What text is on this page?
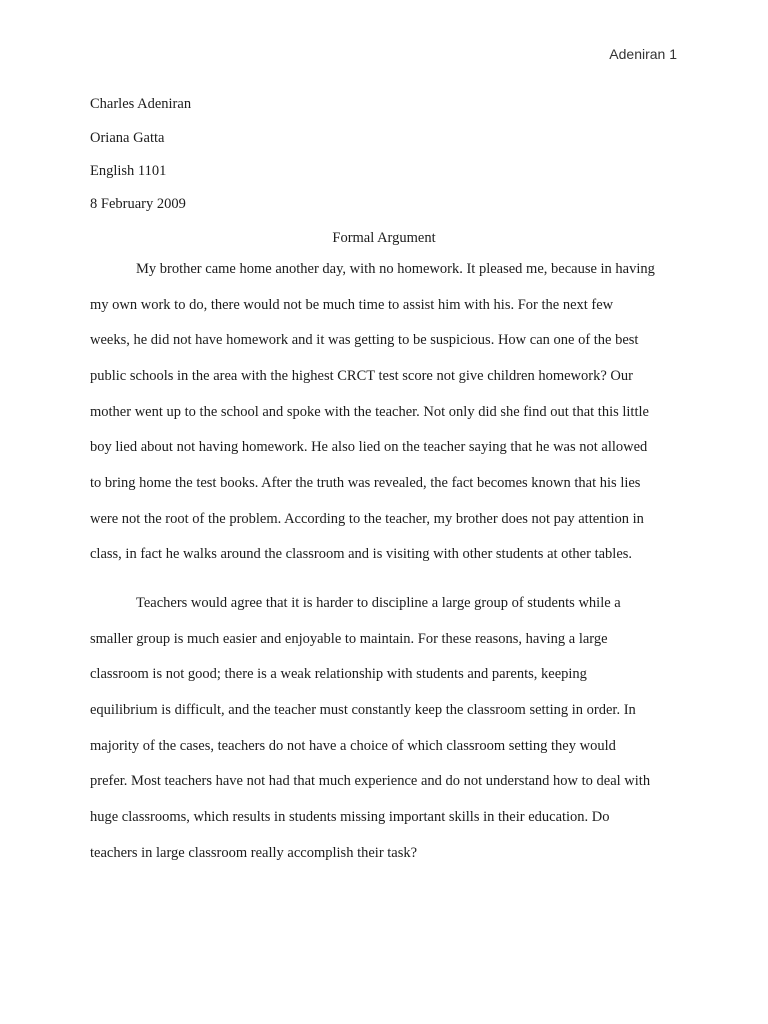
Adeniran 1
Charles Adeniran
Oriana Gatta
English 1101
8 February 2009
Formal Argument
My brother came home another day, with no homework. It pleased me, because in having
my own work to do, there would not be much time to assist him with his. For the next few
weeks, he did not have homework and it was getting to be suspicious. How can one of the best
public schools in the area with the highest CRCT test score not give children homework? Our
mother went up to the school and spoke with the teacher. Not only did she find out that this little
boy lied about not having homework. He also lied on the teacher saying that he was not allowed
to bring home the test books. After the truth was revealed, the fact becomes known that his lies
were not the root of the problem. According to the teacher, my brother does not pay attention in
class, in fact he walks around the classroom and is visiting with other students at other tables.
Teachers would agree that it is harder to discipline a large group of students while a
smaller group is much easier and enjoyable to maintain. For these reasons, having a large
classroom is not good; there is a weak relationship with students and parents, keeping
equilibrium is difficult, and the teacher must constantly keep the classroom setting in order. In
majority of the cases, teachers do not have a choice of which classroom setting they would
prefer. Most teachers have not had that much experience and do not understand how to deal with
huge classrooms, which results in students missing important skills in their education. Do
teachers in large classroom really accomplish their task?
